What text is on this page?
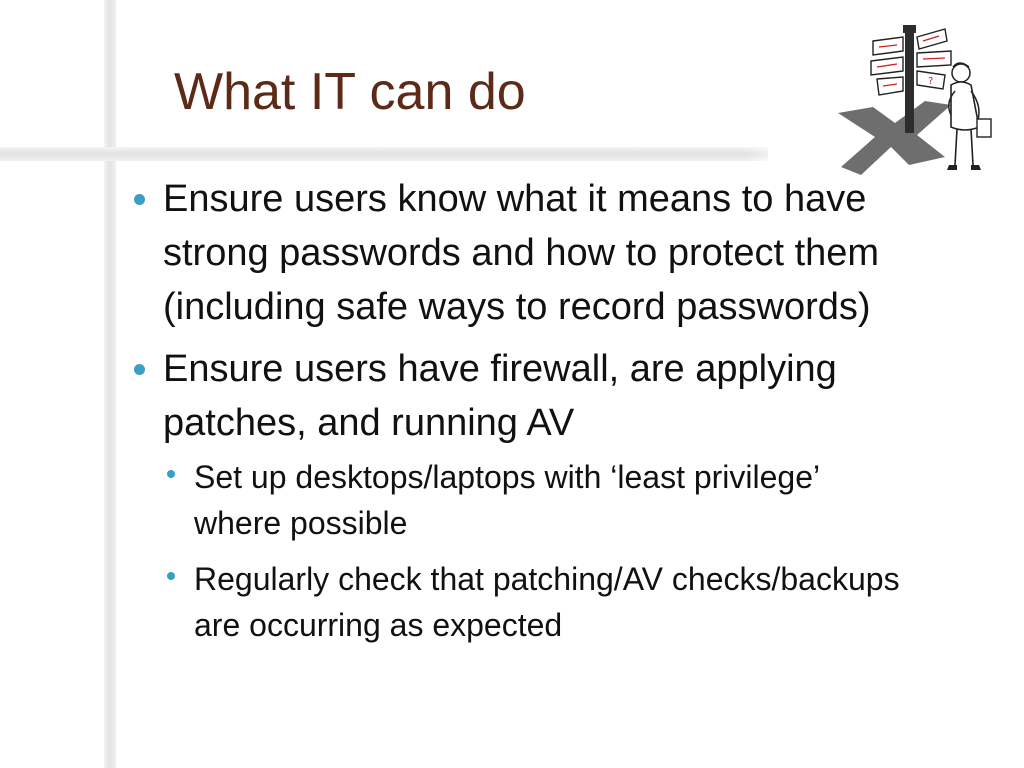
What IT can do	?
Ensure users know what it means to have strong passwords and how to protect them (including safe ways to record passwords)
Ensure users have firewall, are applying patches, and running AV
Set up desktops/laptops with ‘least privilege’ where possible
Regularly check that patching/AV checks/backups are occurring as expected
